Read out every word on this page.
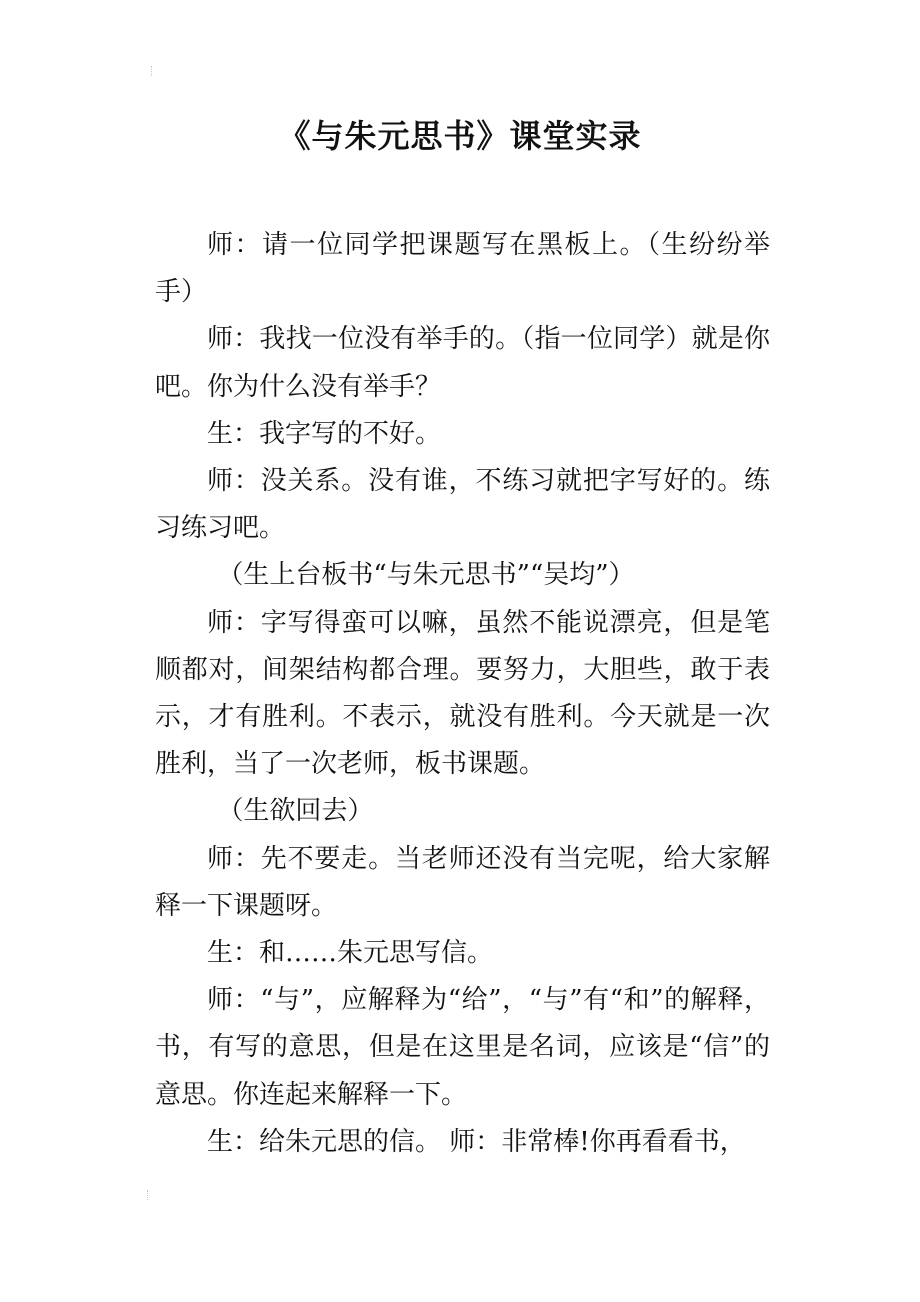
《与朱元思书》课堂实录

师：请一位同学把课题写在黑板上。（生纷纷举手）

师：我找一位没有举手的。（指一位同学）就是你吧。你为什么没有举手？

生：我字写的不好。

师：没关系。没有谁，不练习就把字写好的。练习练习吧。

（生上台板书“与朱元思书”“吴均”）

师：字写得蛮可以嘛，虽然不能说漂亮，但是笔顺都对，间架结构都合理。要努力，大胆些，敢于表示，才有胜利。不表示，就没有胜利。今天就是一次胜利，当了一次老师，板书课题。

（生欲回去）

师：先不要走。当老师还没有当完呢，给大家解释一下课题呀。

生：和……朱元思写信。

师：“与”，应解释为“给”，“与”有“和”的解释，书，有写的意思，但是在这里是名词，应该是“信”的意思。你连起来解释一下。

生：给朱元思的信。 师：非常棒!你再看看书，
